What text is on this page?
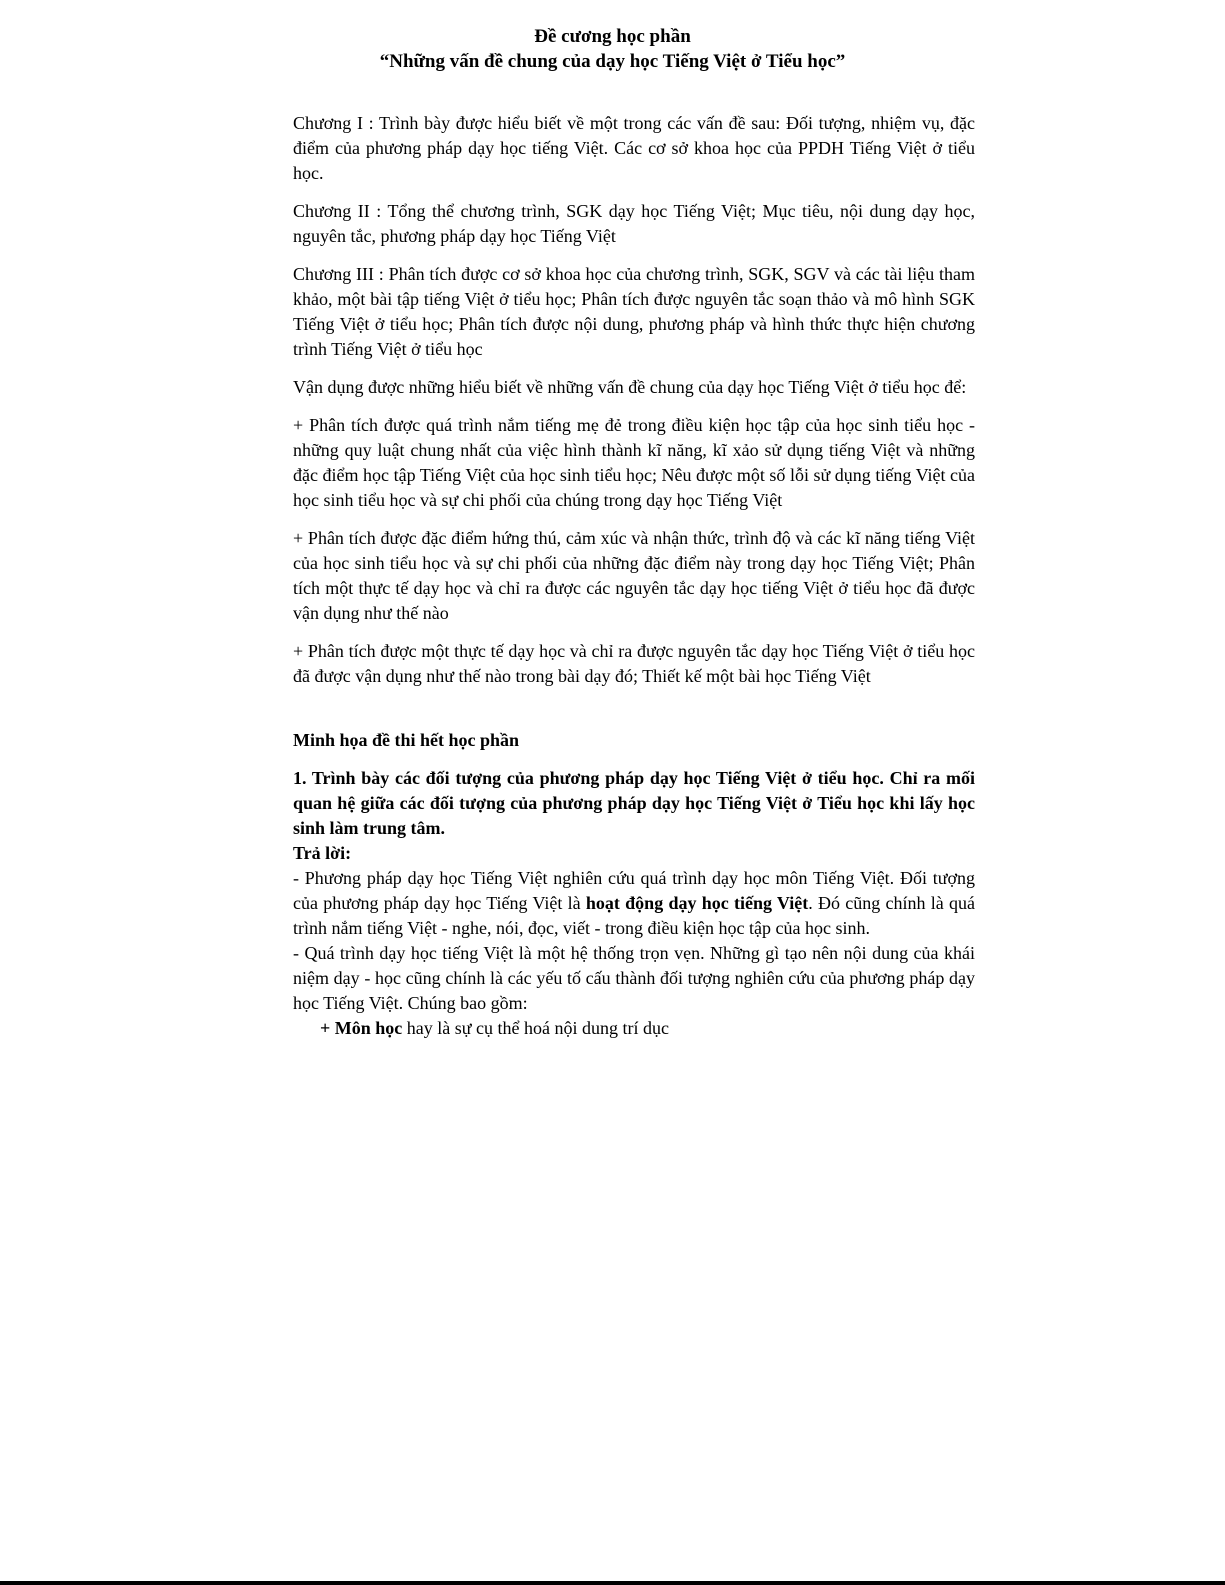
Đề cương học phần

“Những vấn đề chung của dạy học Tiếng Việt ở Tiểu học”

Chương I : Trình bày được hiểu biết về một trong các vấn đề sau: Đối tượng, nhiệm vụ, đặc điểm của phương pháp dạy học tiếng Việt. Các cơ sở khoa học của PPDH Tiếng Việt ở tiểu học.

Chương II : Tổng thể chương trình, SGK dạy học Tiếng Việt; Mục tiêu, nội dung dạy học, nguyên tắc, phương pháp dạy học Tiếng Việt

Chương III : Phân tích được cơ sở khoa học của chương trình, SGK, SGV và các tài liệu tham khảo, một bài tập tiếng Việt ở tiểu học; Phân tích được nguyên tắc soạn thảo và mô hình SGK Tiếng Việt ở tiểu học; Phân tích được nội dung, phương pháp và hình thức thực hiện chương trình Tiếng Việt ở tiểu học

Vận dụng được những hiểu biết về những vấn đề chung của dạy học Tiếng Việt ở tiểu học để:

+ Phân tích được quá trình nắm tiếng mẹ đẻ trong điều kiện học tập của học sinh tiểu học - những quy luật chung nhất của việc hình thành kĩ năng, kĩ xảo sử dụng tiếng Việt và những đặc điểm học tập Tiếng Việt của học sinh tiểu học; Nêu được một số lỗi sử dụng tiếng Việt của học sinh tiểu học và sự chi phối của chúng trong dạy học Tiếng Việt

+ Phân tích được đặc điểm hứng thú, cảm xúc và nhận thức, trình độ và các kĩ năng tiếng Việt của học sinh tiểu học và sự chi phối của những đặc điểm này trong dạy học Tiếng Việt; Phân tích một thực tế dạy học và chỉ ra được các nguyên tắc dạy học tiếng Việt ở tiểu học đã được vận dụng như thế nào

+ Phân tích được một thực tế dạy học và chỉ ra được nguyên tắc dạy học Tiếng Việt ở tiểu học đã được vận dụng như thế nào trong bài dạy đó; Thiết kế một bài học Tiếng Việt

Minh họa đề thi hết học phần

1. Trình bày các đối tượng của phương pháp dạy học Tiếng Việt ở tiểu học. Chỉ ra mối quan hệ giữa các đối tượng của phương pháp dạy học Tiếng Việt ở Tiểu học khi lấy học sinh làm trung tâm.

Trả lời:

- Phương pháp dạy học Tiếng Việt nghiên cứu quá trình dạy học môn Tiếng Việt. Đối tượng của phương pháp dạy học Tiếng Việt là hoạt động dạy học tiếng Việt. Đó cũng chính là quá trình nắm tiếng Việt - nghe, nói, đọc, viết - trong điều kiện học tập của học sinh.

- Quá trình dạy học tiếng Việt là một hệ thống trọn vẹn. Những gì tạo nên nội dung của khái niệm dạy - học cũng chính là các yếu tố cấu thành đối tượng nghiên cứu của phương pháp dạy học Tiếng Việt. Chúng bao gồm:

+ Môn học hay là sự cụ thể hoá nội dung trí dục
